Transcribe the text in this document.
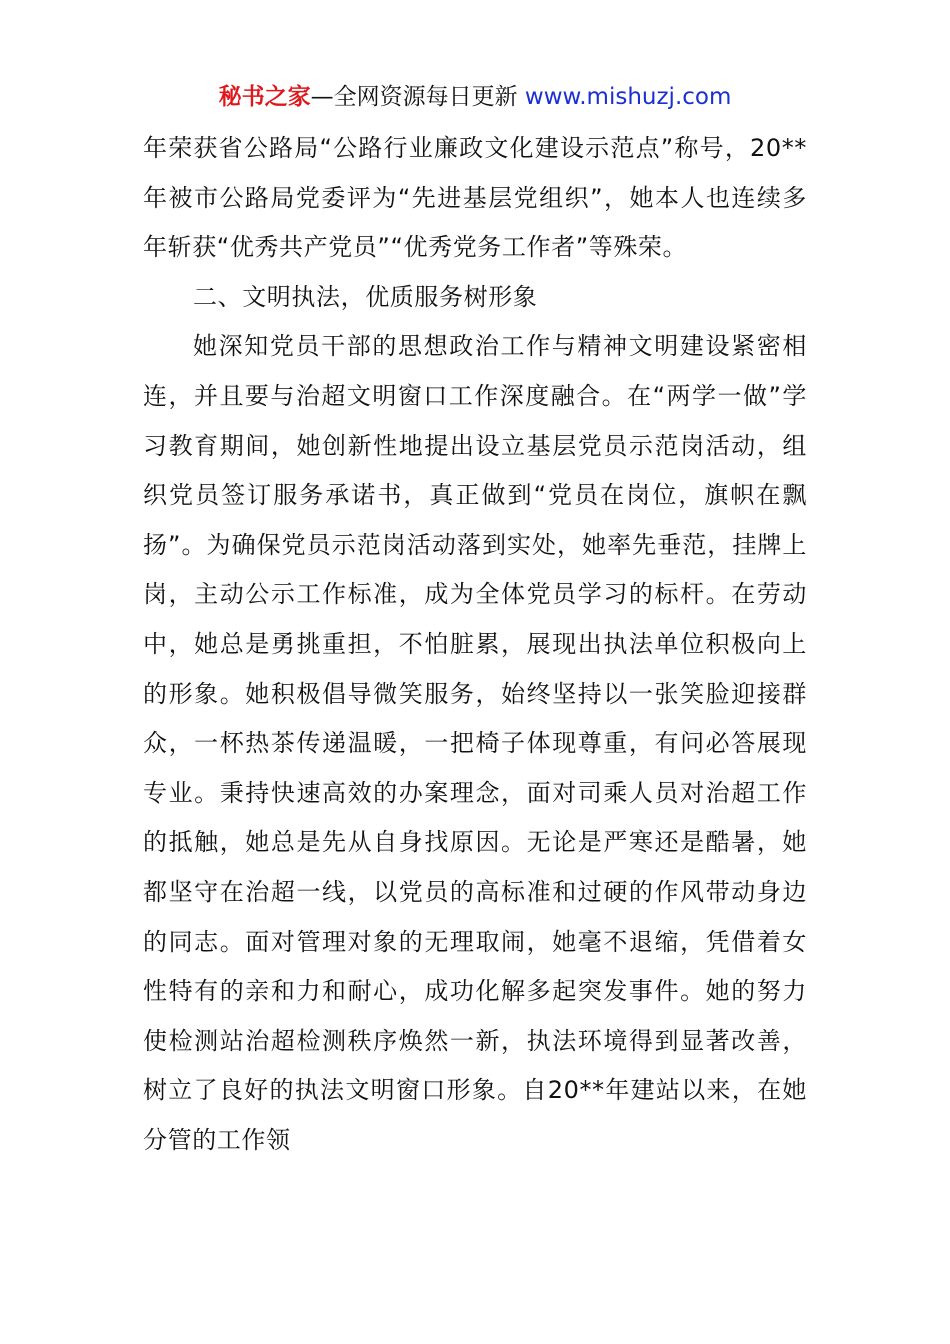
秘书之家—全网资源每日更新 www.mishuzj.com

年荣获省公路局“公路行业廉政文化建设示范点”称号，20**年被市公路局党委评为“先进基层党组织”，她本人也连续多年斩获“优秀共产党员”“优秀党务工作者”等殊荣。

二、文明执法，优质服务树形象

她深知党员干部的思想政治工作与精神文明建设紧密相连，并且要与治超文明窗口工作深度融合。在“两学一做”学习教育期间，她创新性地提出设立基层党员示范岗活动，组织党员签订服务承诺书，真正做到“党员在岗位，旗帜在飘扬”。为确保党员示范岗活动落到实处，她率先垂范，挂牌上岗，主动公示工作标准，成为全体党员学习的标杆。在劳动中，她总是勇挑重担，不怕脏累，展现出执法单位积极向上的形象。她积极倡导微笑服务，始终坚持以一张笑脸迎接群众，一杯热茶传递温暖，一把椅子体现尊重，有问必答展现专业。秉持快速高效的办案理念，面对司乘人员对治超工作的抵触，她总是先从自身找原因。无论是严寒还是酷暑，她都坚守在治超一线，以党员的高标准和过硬的作风带动身边的同志。面对管理对象的无理取闹，她毫不退缩，凭借着女性特有的亲和力和耐心，成功化解多起突发事件。她的努力使检测站治超检测秩序焕然一新，执法环境得到显著改善，树立了良好的执法文明窗口形象。自20**年建站以来，在她分管的工作领
